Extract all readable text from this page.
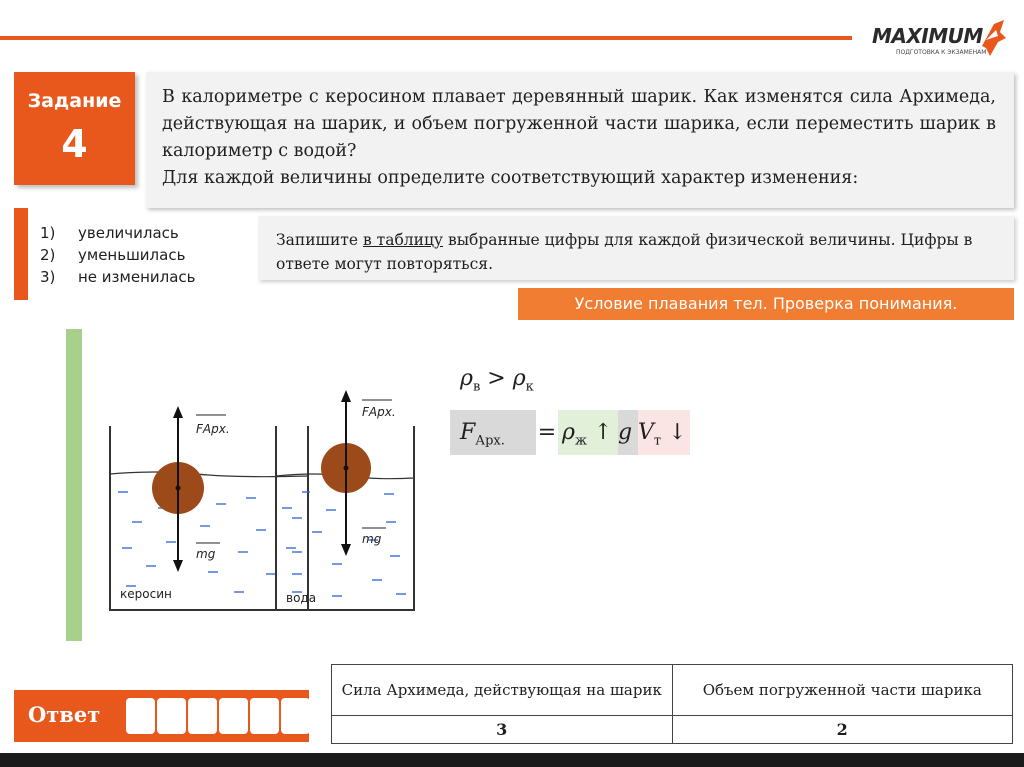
MAXIMUM
ПОДГОТОВКА К ЭКЗАМЕНАМ
Задание
4
В калориметре с керосином плавает деревянный шарик. Как изменятся сила Архимеда, действующая на шарик, и объем погруженной части шарика, если переместить шарик в калориметр с водой?
Для каждой величины определите соответствующий характер изменения:
1) увеличилась
2) уменьшилась
3) не изменилась
Запишите в таблицу выбранные цифры для каждой физической величины. Цифры в ответе могут повторяться.
Условие плавания тел. Проверка понимания.
FАрх.
mg
керосин
FАрх.
mg
вода
$\rho_в > \rho_к$
$F_{Арх.}$	= $\rho_ж$ ↑ g $V_т$ ↓
Ответ
Сила Архимеда, действующая на шарик	Объем погруженной части шарика
3	2
